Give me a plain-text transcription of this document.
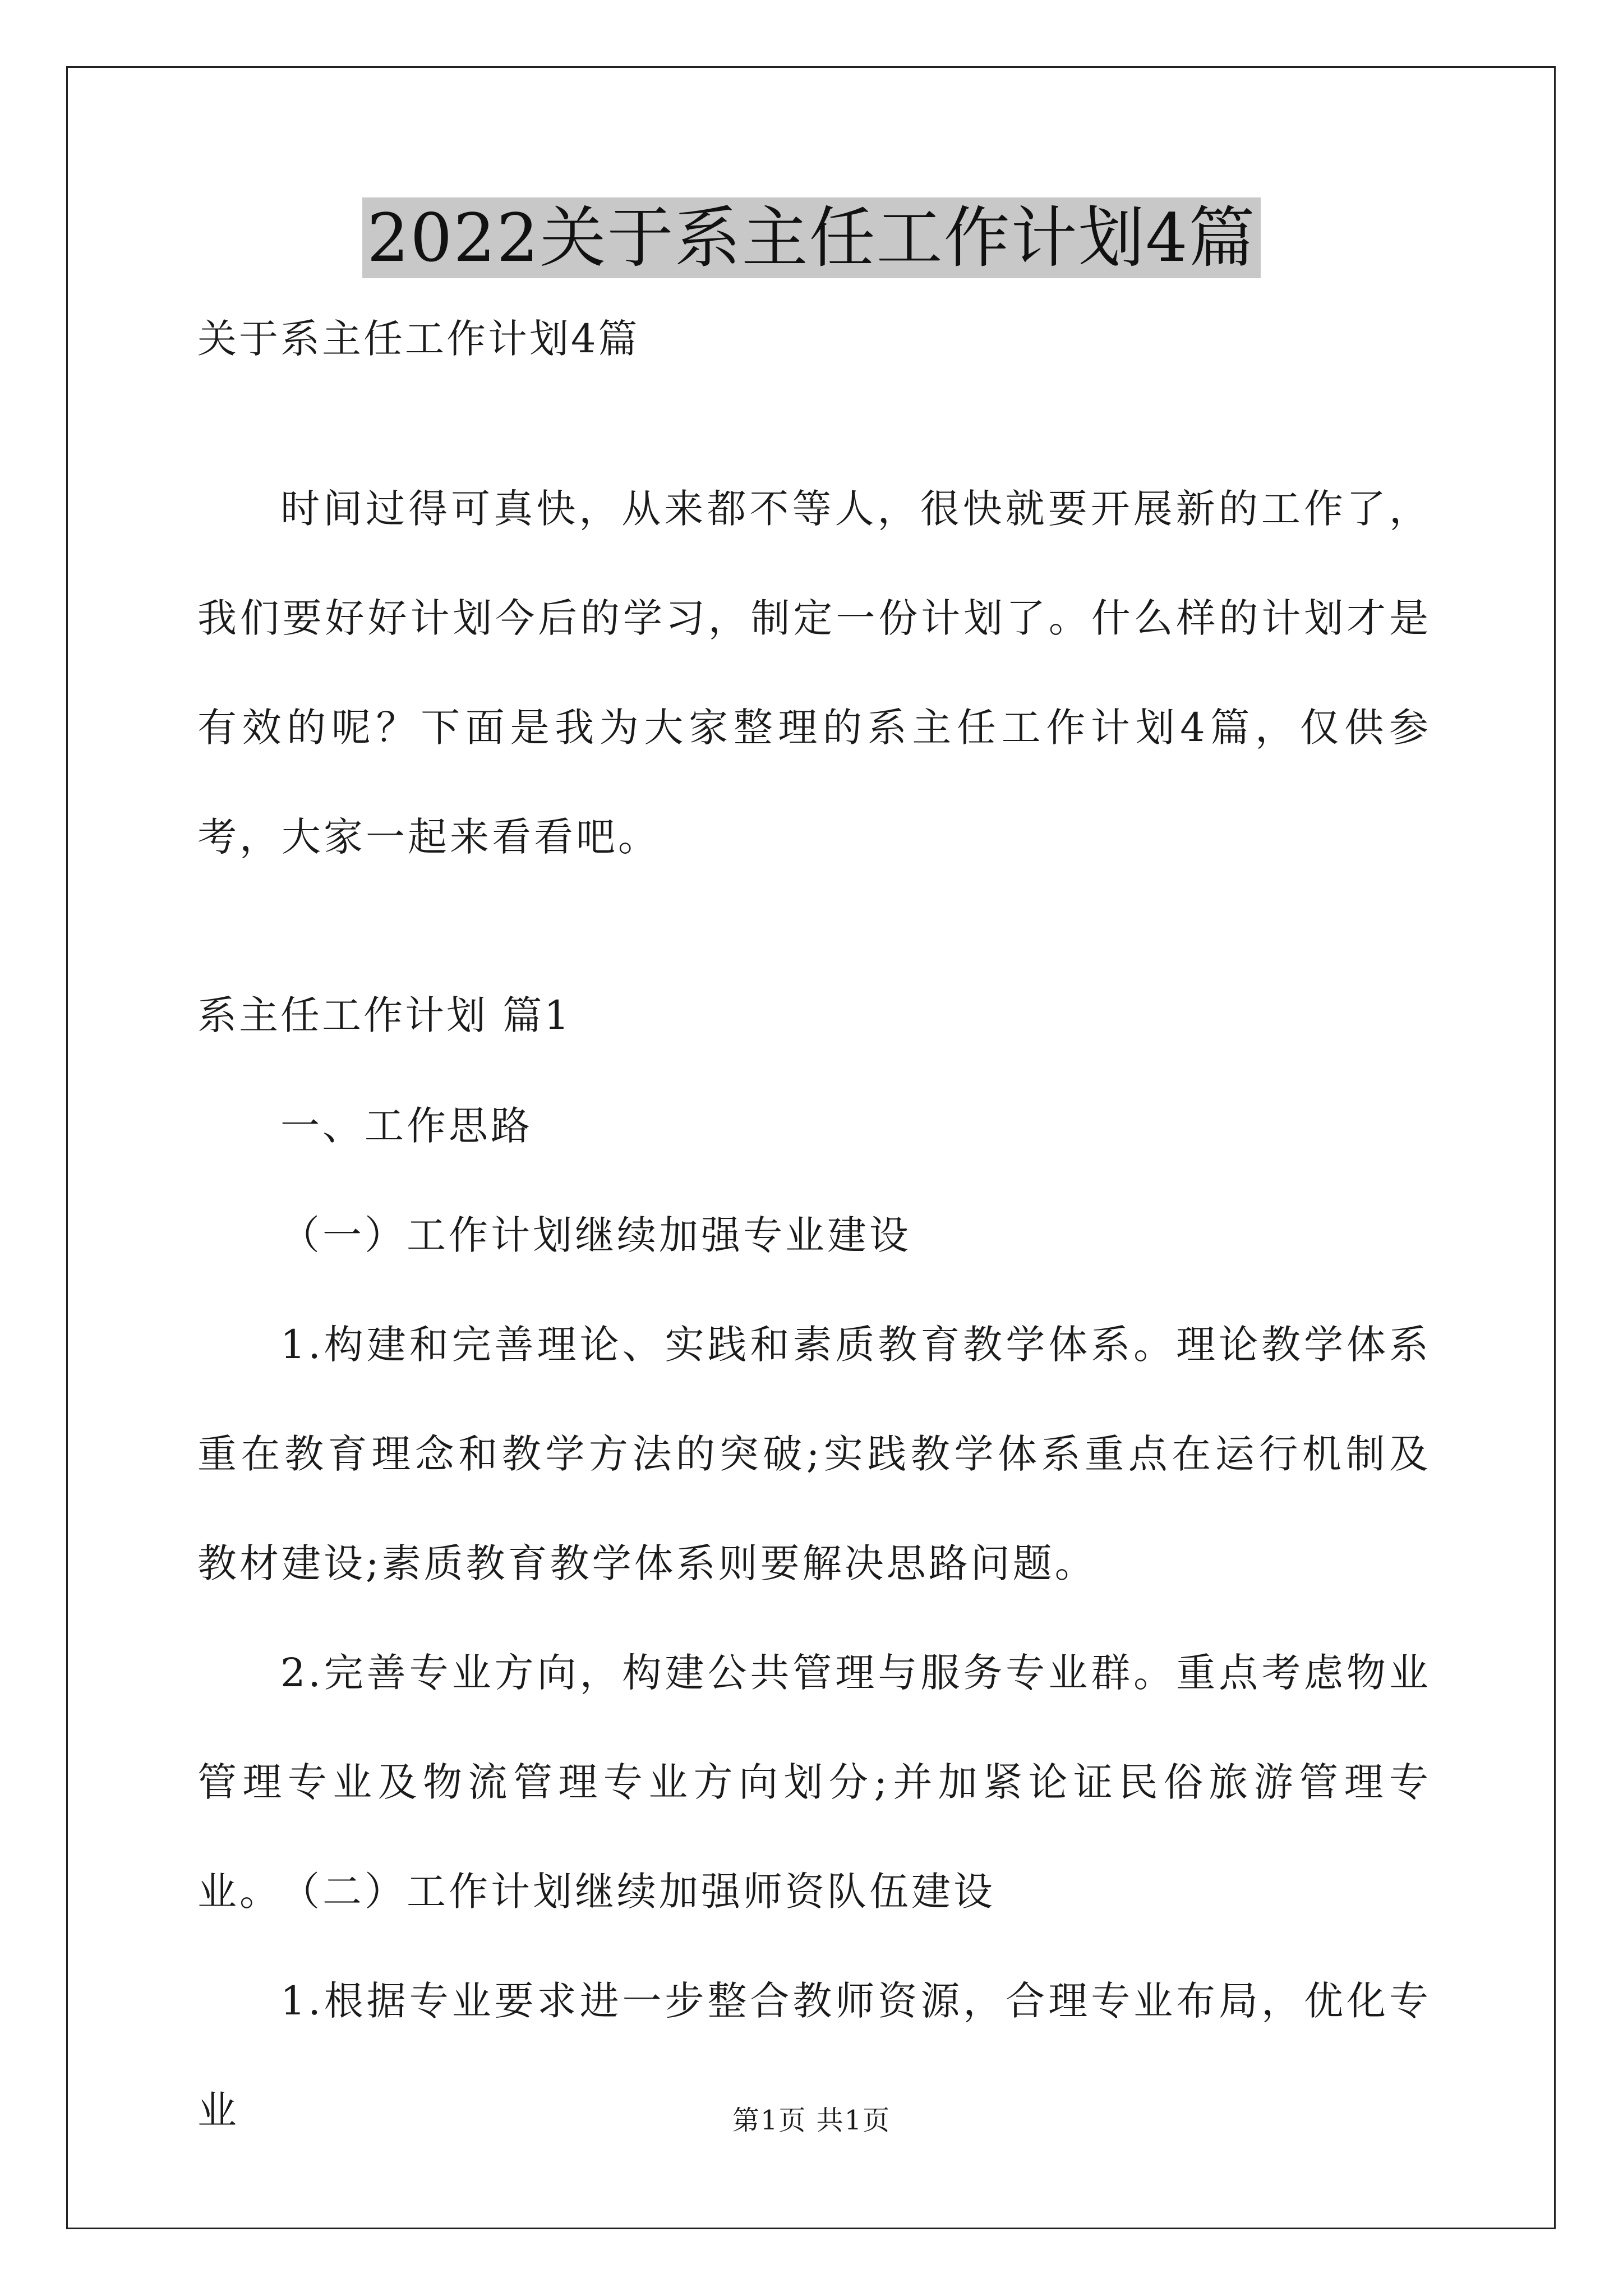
2022关于系主任工作计划4篇

关于系主任工作计划4篇

时间过得可真快，从来都不等人，很快就要开展新的工作了，我们要好好计划今后的学习，制定一份计划了。什么样的计划才是有效的呢？下面是我为大家整理的系主任工作计划4篇，仅供参考，大家一起来看看吧。

系主任工作计划 篇1

一、工作思路

（一）工作计划继续加强专业建设

1.构建和完善理论、实践和素质教育教学体系。理论教学体系重在教育理念和教学方法的突破;实践教学体系重点在运行机制及教材建设;素质教育教学体系则要解决思路问题。

2.完善专业方向，构建公共管理与服务专业群。重点考虑物业管理专业及物流管理专业方向划分;并加紧论证民俗旅游管理专业。

（二）工作计划继续加强师资队伍建设

1.根据专业要求进一步整合教师资源，合理专业布局，优化专业	第1页 共1页
